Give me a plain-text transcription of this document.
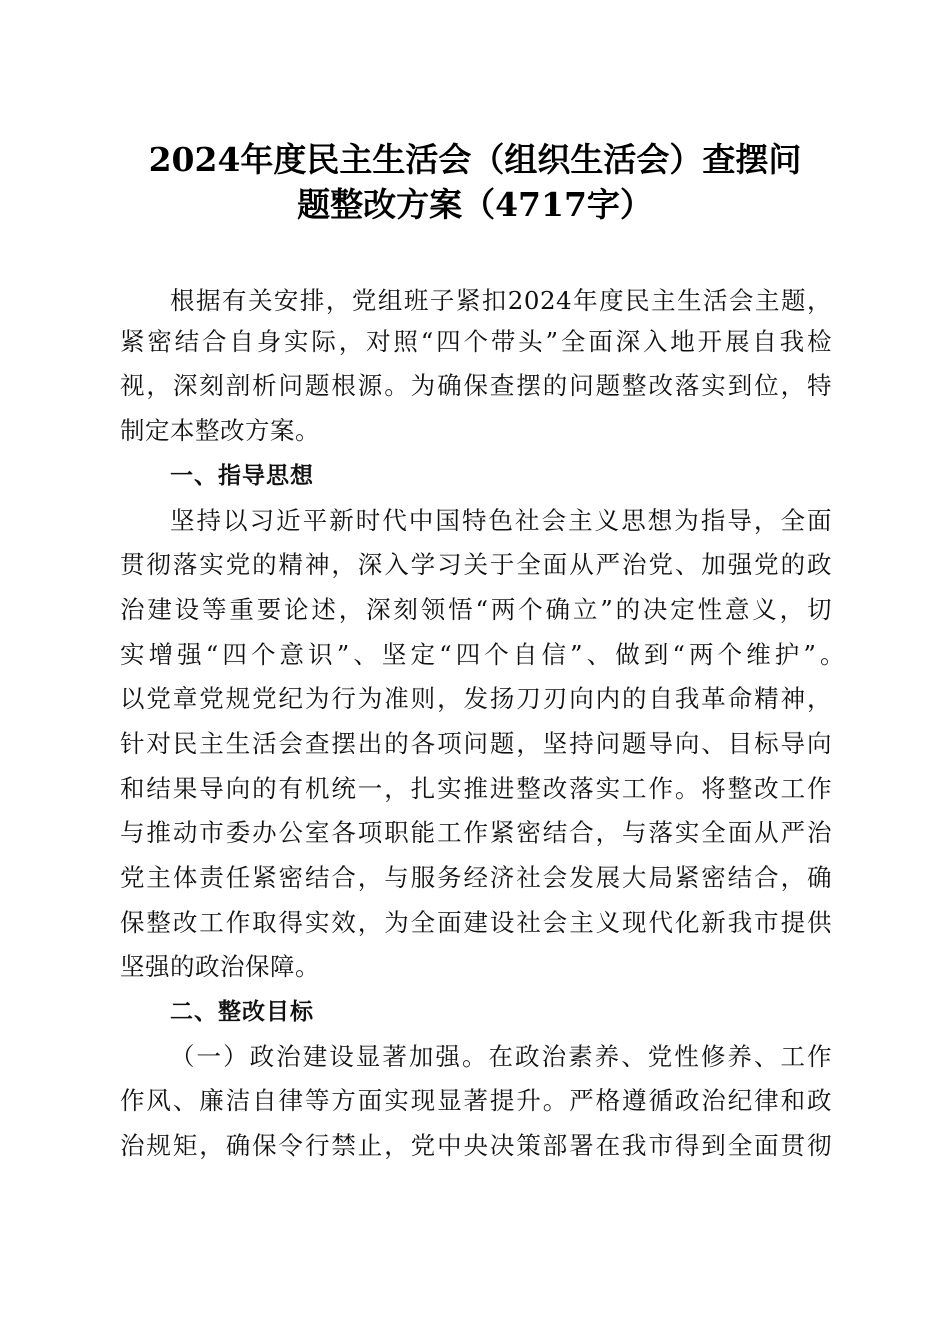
2024年度民主生活会（组织生活会）查摆问
题整改方案（4717字）
根据有关安排，党组班子紧扣2024年度民主生活会主题，
紧密结合自身实际，对照“四个带头”全面深入地开展自我检
视，深刻剖析问题根源。为确保查摆的问题整改落实到位，特
制定本整改方案。
一、指导思想
坚持以习近平新时代中国特色社会主义思想为指导，全面
贯彻落实党的精神，深入学习关于全面从严治党、加强党的政
治建设等重要论述，深刻领悟“两个确立”的决定性意义，切
实增强“四个意识”、坚定“四个自信”、做到“两个维护”。
以党章党规党纪为行为准则，发扬刀刃向内的自我革命精神，
针对民主生活会查摆出的各项问题，坚持问题导向、目标导向
和结果导向的有机统一，扎实推进整改落实工作。将整改工作
与推动市委办公室各项职能工作紧密结合，与落实全面从严治
党主体责任紧密结合，与服务经济社会发展大局紧密结合，确
保整改工作取得实效，为全面建设社会主义现代化新我市提供
坚强的政治保障。
二、整改目标
（一）政治建设显著加强。在政治素养、党性修养、工作
作风、廉洁自律等方面实现显著提升。严格遵循政治纪律和政
治规矩，确保令行禁止，党中央决策部署在我市得到全面贯彻
